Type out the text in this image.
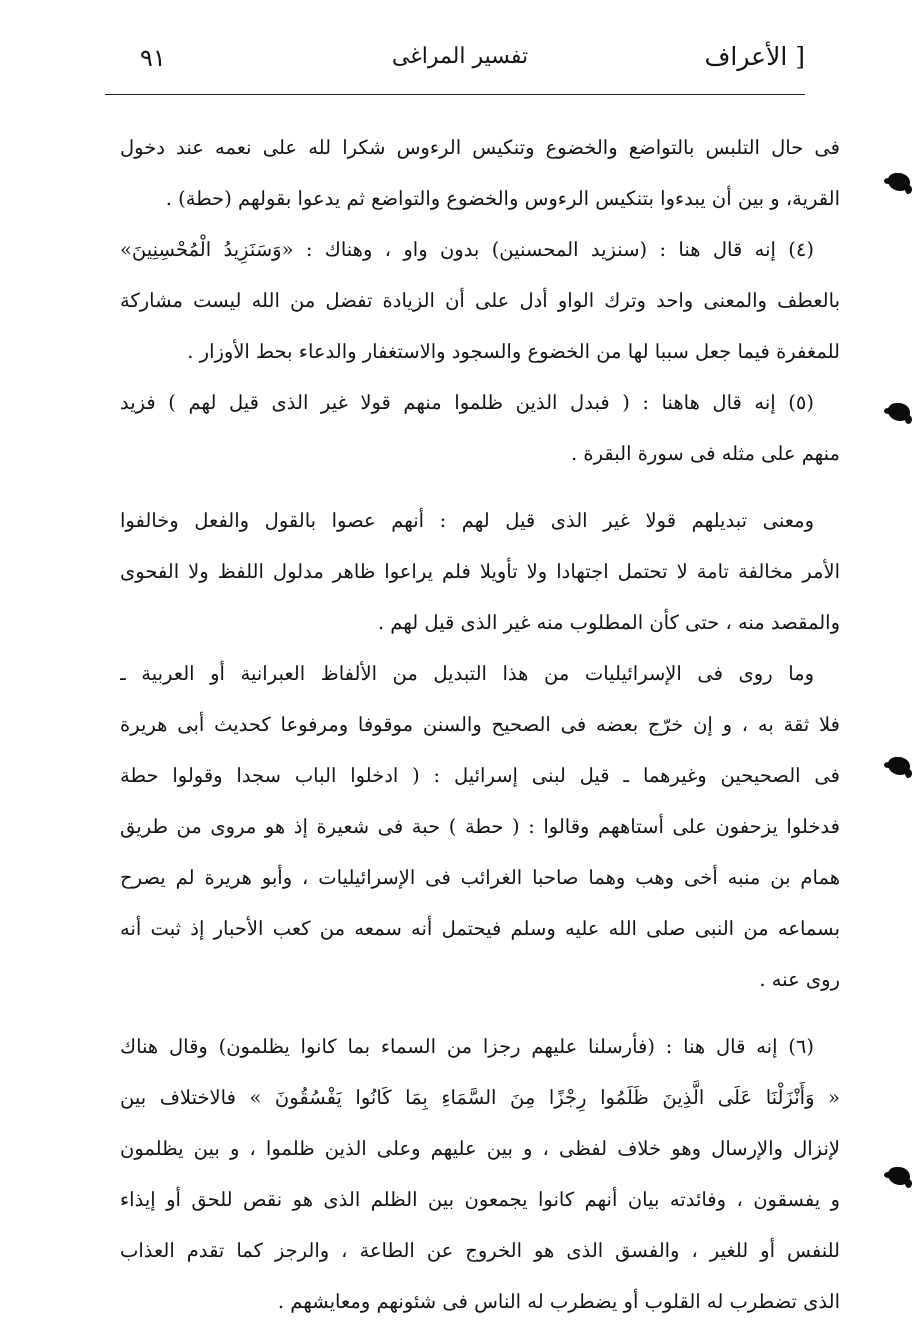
الأعراف ]
تفسير المراغى
٩١
فى حال التلبس بالتواضع والخضوع وتنكيس الرءوس شكرا لله على نعمه عند دخول
القرية، و بين أن يبدءوا بتنكيس الرءوس والخضوع والتواضع ثم يدعوا بقولهم (حطة) .
(٤) إنه قال هنا : (سنزيد المحسنين) بدون واو ، وهناك : «وَسَنَزِيدُ الْمُحْسِنِينَ»
بالعطف والمعنى واحد وترك الواو أدل على أن الزيادة تفضل من الله ليست مشاركة
للمغفرة فيما جعل سببا لها من الخضوع والسجود والاستغفار والدعاء بحط الأوزار .
(٥) إنه قال هاهنا : ( فبدل الذين ظلموا منهم قولا غير الذى قيل لهم ) فزيد
منهم على مثله فى سورة البقرة .
ومعنى تبديلهم قولا غير الذى قيل لهم : أنهم عصوا بالقول والفعل وخالفوا
الأمر مخالفة تامة لا تحتمل اجتهادا ولا تأويلا فلم يراعوا ظاهر مدلول اللفظ ولا الفحوى
والمقصد منه ، حتى كأن المطلوب منه غير الذى قيل لهم .
وما روى فى الإسرائيليات من هذا التبديل من الألفاظ العبرانية أو العربية ـ
فلا ثقة به ، و إن خرّج بعضه فى الصحيح والسنن موقوفا ومرفوعا كحديث أبى هريرة
فى الصحيحين وغيرهما ـ قيل لبنى إسرائيل : ( ادخلوا الباب سجدا وقولوا حطة
فدخلوا يزحفون على أستاههم وقالوا : ( حطة ) حبة فى شعيرة إذ هو مروى من طريق
همام بن منبه أخى وهب وهما صاحبا الغرائب فى الإسرائيليات ، وأبو هريرة لم يصرح
بسماعه من النبى صلى الله عليه وسلم فيحتمل أنه سمعه من كعب الأحبار إذ ثبت أنه
روى عنه .
(٦) إنه قال هنا : (فأرسلنا عليهم رجزا من السماء بما كانوا يظلمون) وقال هناك
« وَأَنْزَلْنَا عَلَى الَّذِينَ ظَلَمُوا رِجْزًا مِنَ السَّمَاءِ بِمَا كَانُوا يَفْسُقُونَ » فالاختلاف بين
لإنزال والإرسال وهو خلاف لفظى ، و بين عليهم وعلى الذين ظلموا ، و بين يظلمون
و يفسقون ، وفائدته بيان أنهم كانوا يجمعون بين الظلم الذى هو نقص للحق أو إيذاء
للنفس أو للغير ، والفسق الذى هو الخروج عن الطاعة ، والرجز كما تقدم العذاب
الذى تضطرب له القلوب أو يضطرب له الناس فى شئونهم ومعايشهم .
